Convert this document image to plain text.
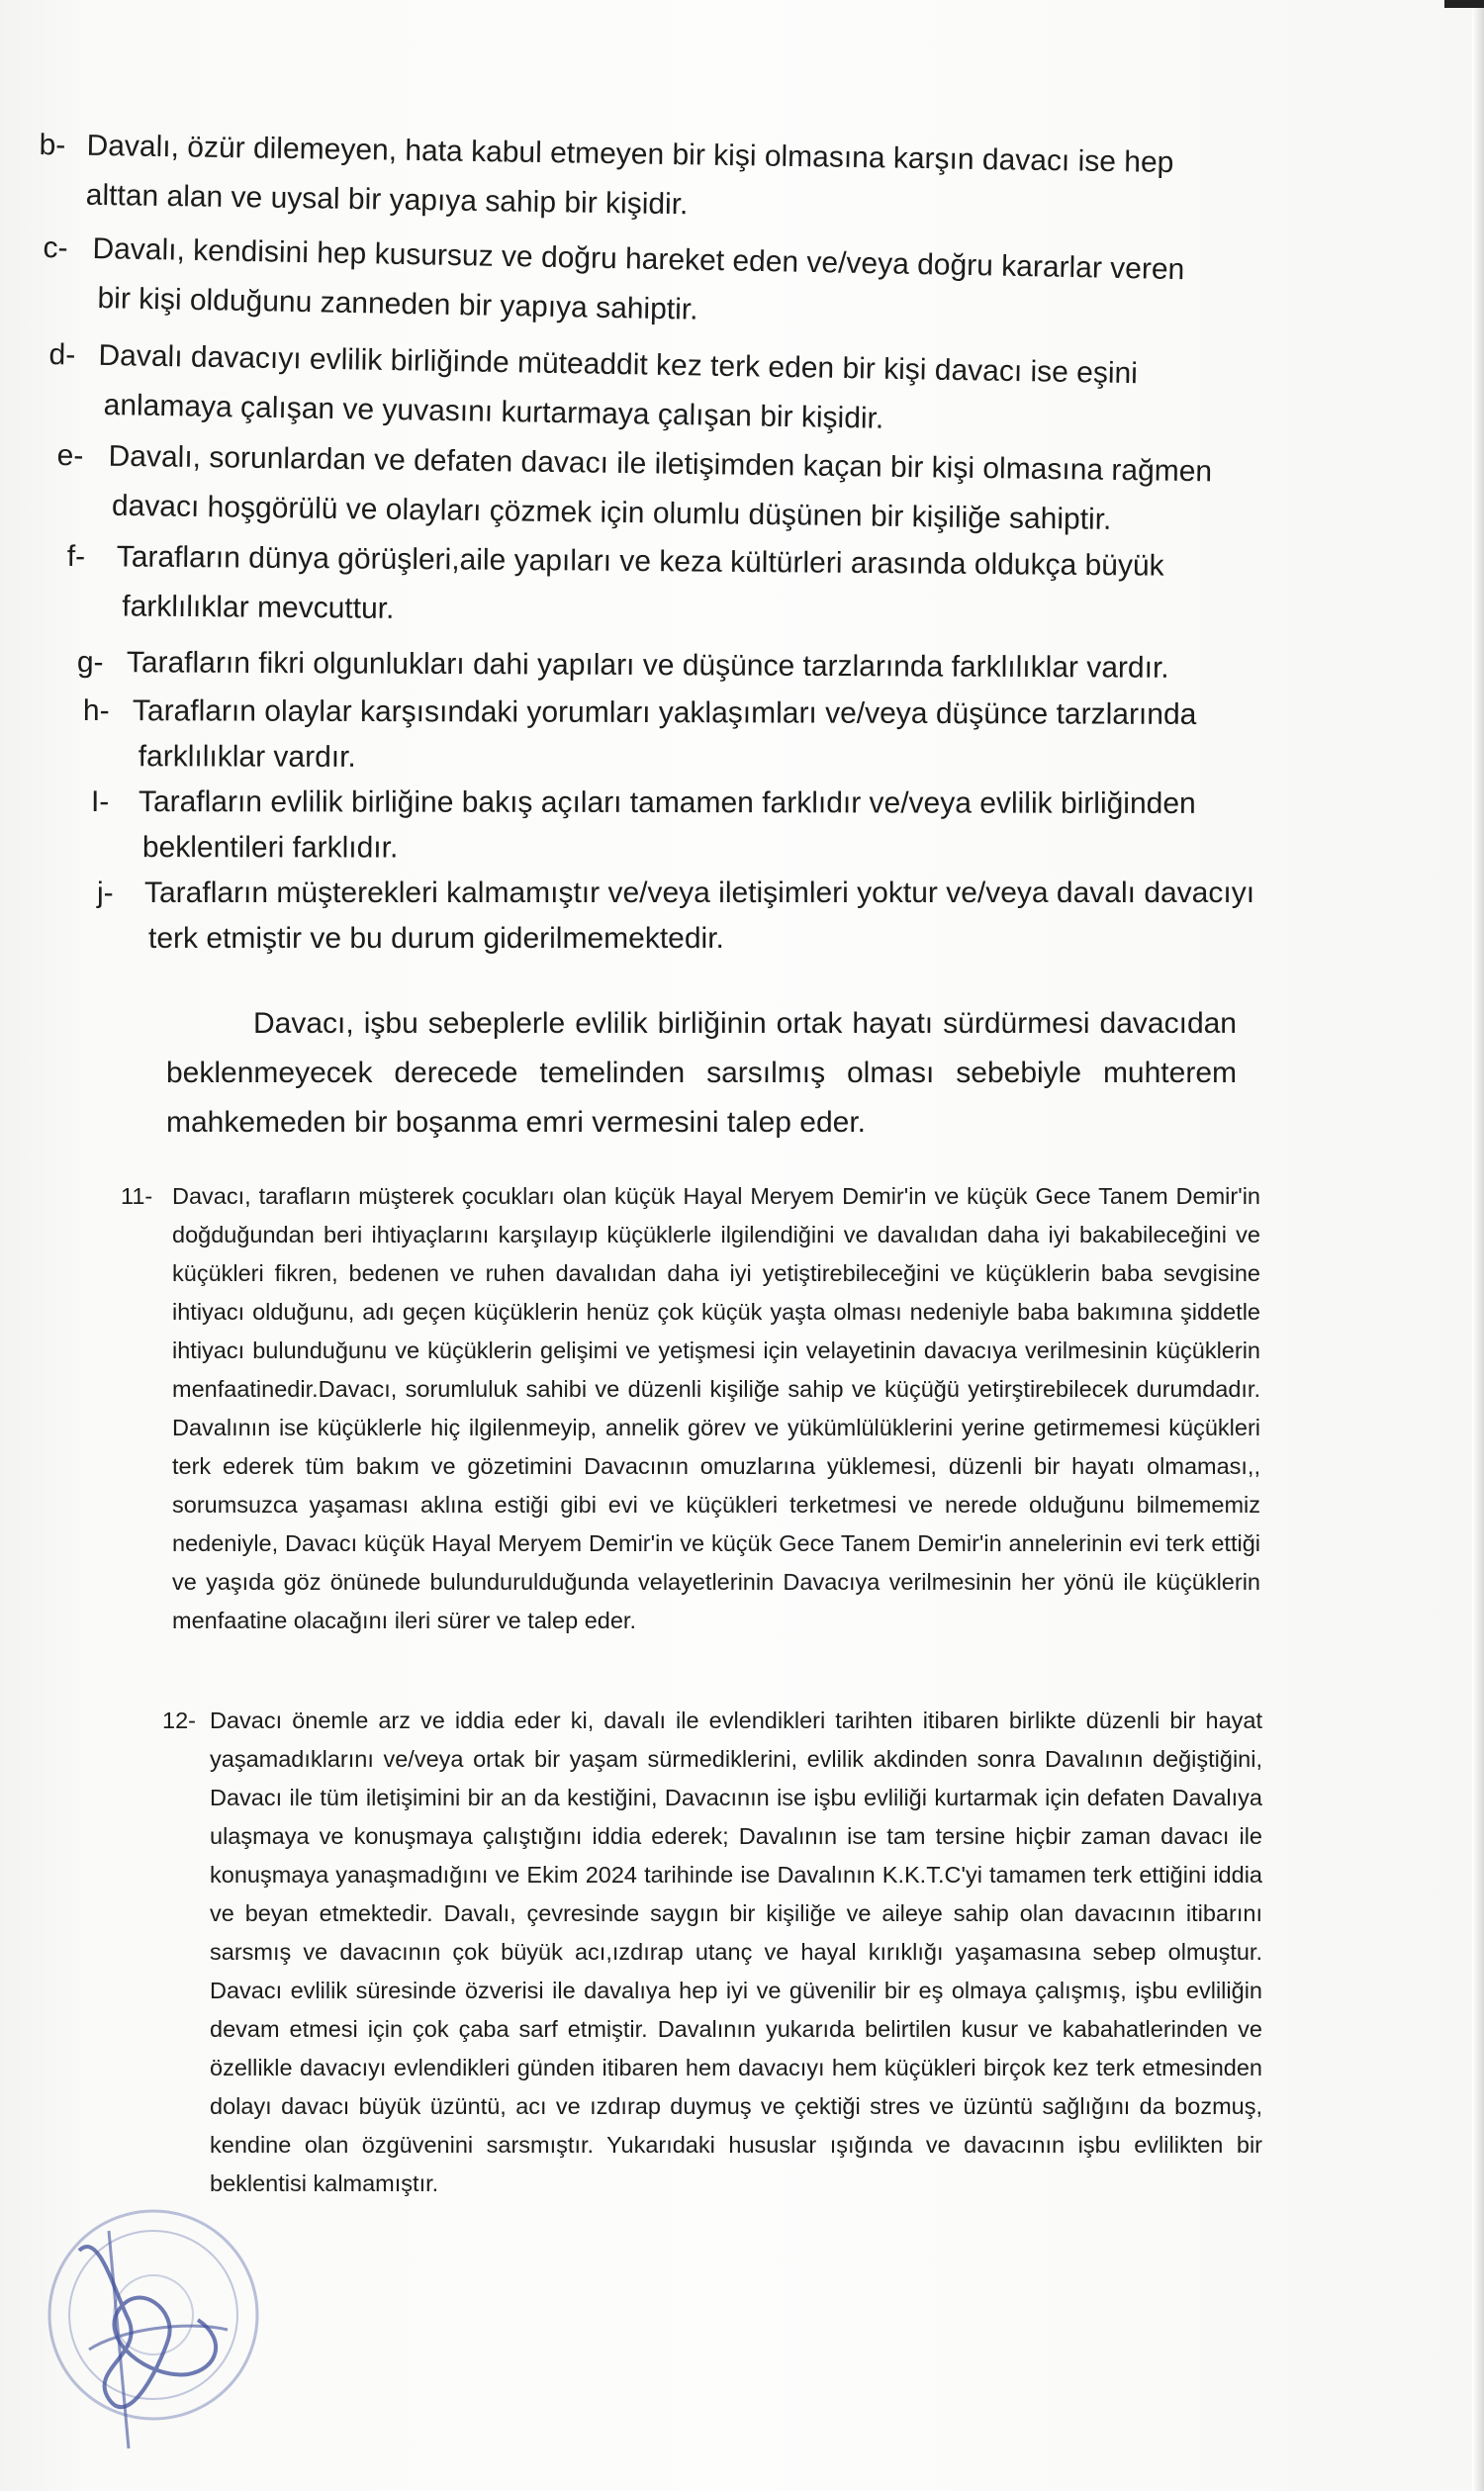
b- Davalı, özür dilemeyen, hata kabul etmeyen bir kişi olmasına karşın davacı ise hep
alttan alan ve uysal bir yapıya sahip bir kişidir.
c- Davalı, kendisini hep kusursuz ve doğru hareket eden ve/veya doğru kararlar veren
bir kişi olduğunu zanneden bir yapıya sahiptir.
d- Davalı davacıyı evlilik birliğinde müteaddit kez terk eden bir kişi davacı ise eşini
anlamaya çalışan ve yuvasını kurtarmaya çalışan bir kişidir.
e- Davalı, sorunlardan ve defaten davacı ile iletişimden kaçan bir kişi olmasına rağmen
davacı hoşgörülü ve olayları çözmek için olumlu düşünen bir kişiliğe sahiptir.
f- Tarafların dünya görüşleri,aile yapıları ve keza kültürleri arasında oldukça büyük
farklılıklar mevcuttur.
g- Tarafların fikri olgunlukları dahi yapıları ve düşünce tarzlarında farklılıklar vardır.
h- Tarafların olaylar karşısındaki yorumları yaklaşımları ve/veya düşünce tarzlarında
farklılıklar vardır.
I- Tarafların evlilik birliğine bakış açıları tamamen farklıdır ve/veya evlilik birliğinden
beklentileri farklıdır.
j- Tarafların müşterekleri kalmamıştır ve/veya iletişimleri yoktur ve/veya davalı davacıyı
terk etmiştir ve bu durum giderilmemektedir.
Davacı, işbu sebeplerle evlilik birliğinin ortak hayatı sürdürmesi davacıdan beklenmeyecek derecede temelinden sarsılmış olması sebebiyle muhterem mahkemeden bir boşanma emri vermesini talep eder.
11- Davacı, tarafların müşterek çocukları olan küçük Hayal Meryem Demir'in ve küçük Gece Tanem Demir'in doğduğundan beri ihtiyaçlarını karşılayıp küçüklerle ilgilendiğini ve davalıdan daha iyi bakabileceğini ve küçükleri fikren, bedenen ve ruhen davalıdan daha iyi yetiştirebileceğini ve küçüklerin baba sevgisine ihtiyacı olduğunu, adı geçen küçüklerin henüz çok küçük yaşta olması nedeniyle baba bakımına şiddetle ihtiyacı bulunduğunu ve küçüklerin gelişimi ve yetişmesi için velayetinin davacıya verilmesinin küçüklerin menfaatinedir.Davacı, sorumluluk sahibi ve düzenli kişiliğe sahip ve küçüğü yetirştirebilecek durumdadır. Davalının ise küçüklerle hiç ilgilenmeyip, annelik görev ve yükümlülüklerini yerine getirmemesi küçükleri terk ederek tüm bakım ve gözetimini Davacının omuzlarına yüklemesi, düzenli bir hayatı olmaması,, sorumsuzca yaşaması aklına estiği gibi evi ve küçükleri terketmesi ve nerede olduğunu bilmememiz nedeniyle, Davacı küçük Hayal Meryem Demir'in ve küçük Gece Tanem Demir'in annelerinin evi terk ettiği ve yaşıda göz önünede bulundurulduğunda velayetlerinin Davacıya verilmesinin her yönü ile küçüklerin menfaatine olacağını ileri sürer ve talep eder.
12- Davacı önemle arz ve iddia eder ki, davalı ile evlendikleri tarihten itibaren birlikte düzenli bir hayat yaşamadıklarını ve/veya ortak bir yaşam sürmediklerini, evlilik akdinden sonra Davalının değiştiğini, Davacı ile tüm iletişimini bir an da kestiğini, Davacının ise işbu evliliği kurtarmak için defaten Davalıya ulaşmaya ve konuşmaya çalıştığını iddia ederek; Davalının ise tam tersine hiçbir zaman davacı ile konuşmaya yanaşmadığını ve Ekim 2024 tarihinde ise Davalının K.K.T.C'yi tamamen terk ettiğini iddia ve beyan etmektedir. Davalı, çevresinde saygın bir kişiliğe ve aileye sahip olan davacının itibarını sarsmış ve davacının çok büyük acı,ızdırap utanç ve hayal kırıklığı yaşamasına sebep olmuştur. Davacı evlilik süresinde özverisi ile davalıya hep iyi ve güvenilir bir eş olmaya çalışmış, işbu evliliğin devam etmesi için çok çaba sarf etmiştir. Davalının yukarıda belirtilen kusur ve kabahatlerinden ve özellikle davacıyı evlendikleri günden itibaren hem davacıyı hem küçükleri birçok kez terk etmesinden dolayı davacı büyük üzüntü, acı ve ızdırap duymuş ve çektiği stres ve üzüntü sağlığını da bozmuş, kendine olan özgüvenini sarsmıştır. Yukarıdaki hususlar ışığında ve davacının işbu evlilikten bir beklentisi kalmamıştır.
